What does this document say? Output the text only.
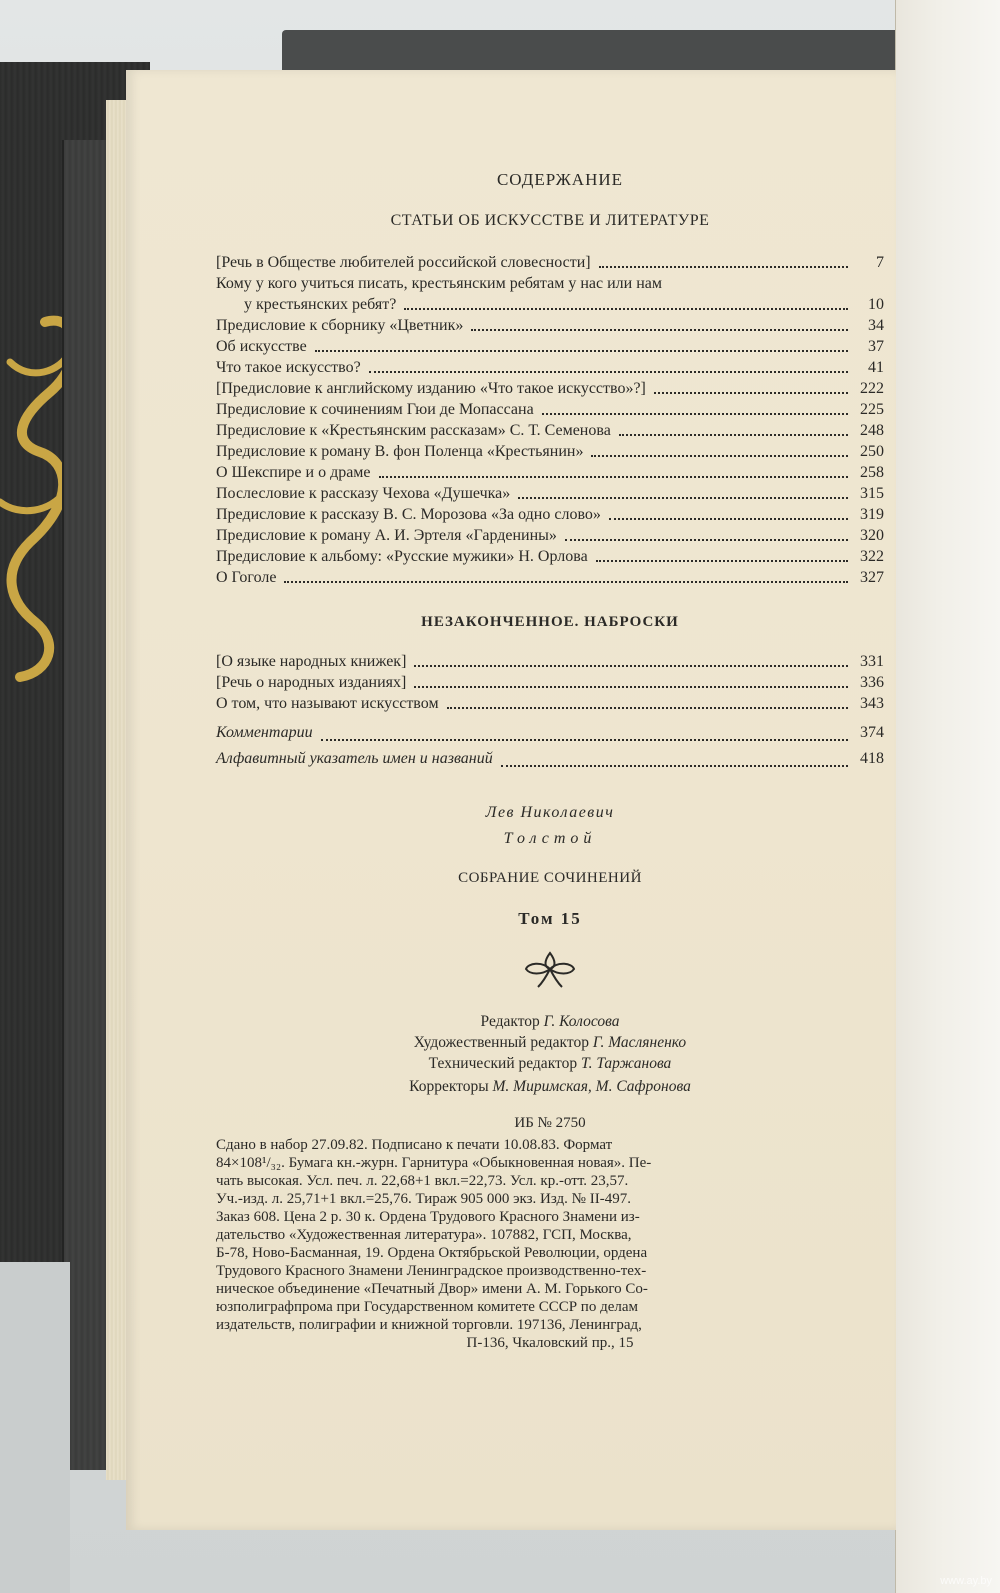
СОДЕРЖАНИЕ
СТАТЬИ ОБ ИСКУССТВЕ И ЛИТЕРАТУРЕ
[Речь в Обществе любителей российской словесности]	7
Кому у кого учиться писать, крестьянским ребятам у нас или нам
у крестьянских ребят?	10
Предисловие к сборнику «Цветник»	34
Об искусстве	37
Что такое искусство?	41
[Предисловие к английскому изданию «Что такое искусство»?]	222
Предисловие к сочинениям Гюи де Мопассана	225
Предисловие к «Крестьянским рассказам» С. Т. Семенова	248
Предисловие к роману В. фон Поленца «Крестьянин»	250
О Шекспире и о драме	258
Послесловие к рассказу Чехова «Душечка»	315
Предисловие к рассказу В. С. Морозова «За одно слово»	319
Предисловие к роману А. И. Эртеля «Гарденины»	320
Предисловие к альбому: «Русские мужики» Н. Орлова	322
О Гоголе	327
НЕЗАКОНЧЕННОЕ. НАБРОСКИ
[О языке народных книжек]	331
[Речь о народных изданиях]	336
О том, что называют искусством	343
Комментарии	374
Алфавитный указатель имен и названий	418
Лев Николаевич
Толстой
СОБРАНИЕ СОЧИНЕНИЙ
Том 15
Редактор Г. Колосова
Художественный редактор Г. Масляненко
Технический редактор Т. Таржанова
Корректоры М. Миримская, М. Сафронова
ИБ № 2750

Сдано в набор 27.09.82. Подписано к печати 10.08.83. Формат

84×108¹/₃₂. Бумага кн.-журн. Гарнитура «Обыкновенная новая». Пе-

чать высокая. Усл. печ. л. 22,68+1 вкл.=22,73. Усл. кр.-отт. 23,57.

Уч.-изд. л. 25,71+1 вкл.=25,76. Тираж 905 000 экз. Изд. № II-497.

Заказ 608. Цена 2 р. 30 к. Ордена Трудового Красного Знамени из-

дательство «Художественная литература». 107882, ГСП, Москва,

Б-78, Ново-Басманная, 19. Ордена Октябрьской Революции, ордена

Трудового Красного Знамени Ленинградское производственно-тех-

ническое объединение «Печатный Двор» имени А. М. Горького Со-

юзполиграфпрома при Государственном комитете СССР по делам

издательств, полиграфии и книжной торговли. 197136, Ленинград,

П-136, Чкаловский пр., 15

www.ay.by
